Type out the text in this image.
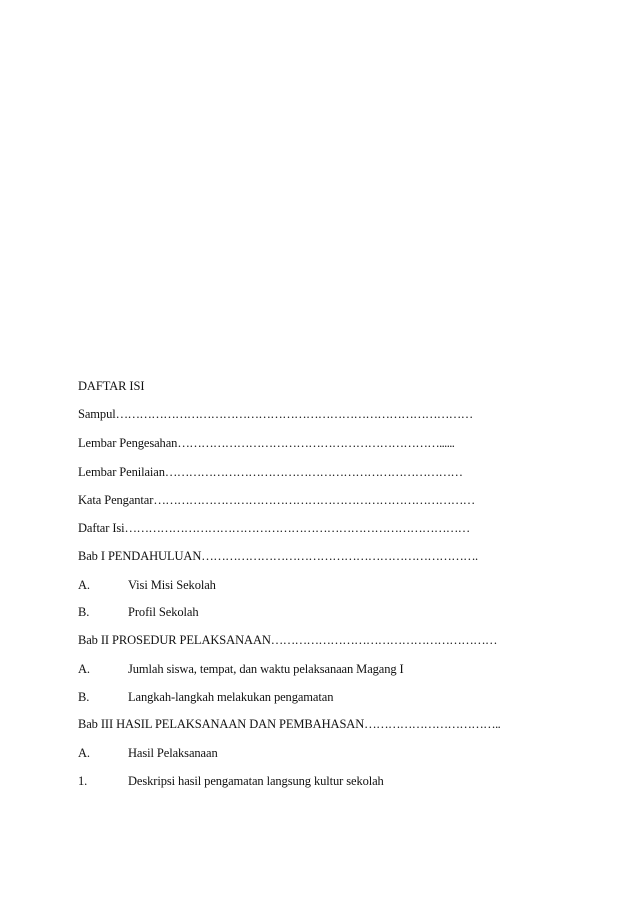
DAFTAR ISI
Sampul………………………………………………………………………………
Lembar Pengesahan…………………………………………………………......
Lembar Penilaian…………………………………………………………………
Kata Pengantar………………………………………………………………………
Daftar Isi……………………………………………………………………………
Bab I PENDAHULUAN…………………………………………………………….
A.	Visi Misi Sekolah
B.	Profil Sekolah
Bab II PROSEDUR PELAKSANAAN…………………………………………………
A.	Jumlah siswa, tempat, dan waktu pelaksanaan Magang I
B.	Langkah-langkah melakukan pengamatan
Bab III HASIL PELAKSANAAN DAN PEMBAHASAN……………………………..
A.	Hasil Pelaksanaan
1.	Deskripsi hasil pengamatan langsung kultur sekolah
